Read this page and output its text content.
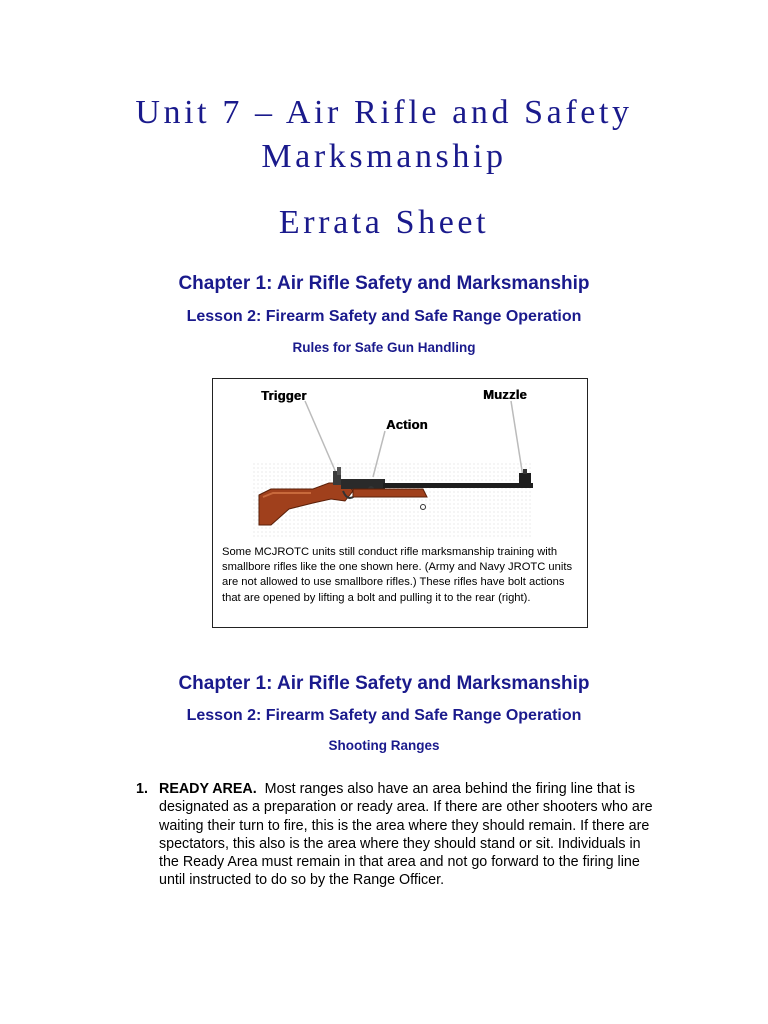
Unit 7 – Air Rifle and Safety
Marksmanship
Errata Sheet
Chapter 1: Air Rifle Safety and Marksmanship
Lesson 2: Firearm Safety and Safe Range Operation
Rules for Safe Gun Handling
Trigger
Action
Muzzle
Some MCJROTC units still conduct rifle marksmanship training with smallbore rifles like the one shown here. (Army and Navy JROTC units are not allowed to use smallbore rifles.) These rifles have bolt actions that are opened by lifting a bolt and pulling it to the rear (right).
Chapter 1: Air Rifle Safety and Marksmanship
Lesson 2: Firearm Safety and Safe Range Operation
Shooting Ranges
1. READY AREA. Most ranges also have an area behind the firing line that is designated as a preparation or ready area. If there are other shooters who are waiting their turn to fire, this is the area where they should remain. If there are spectators, this also is the area where they should stand or sit. Individuals in the Ready Area must remain in that area and not go forward to the firing line until instructed to do so by the Range Officer.
